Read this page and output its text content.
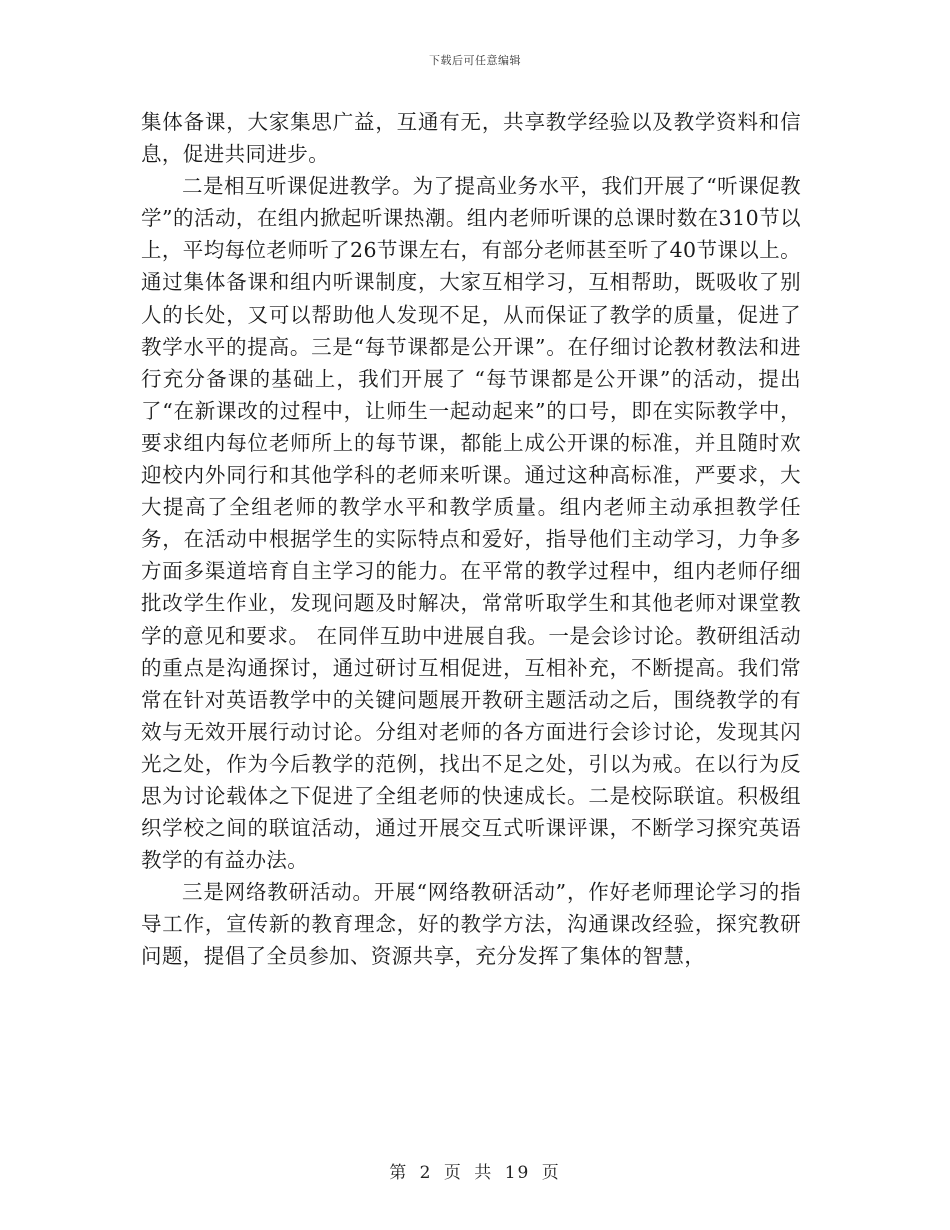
下载后可任意编辑

集体备课，大家集思广益，互通有无，共享教学经验以及教学资料和信息，促进共同进步。

二是相互听课促进教学。为了提高业务水平，我们开展了“听课促教学”的活动，在组内掀起听课热潮。组内老师听课的总课时数在310节以上，平均每位老师听了26节课左右，有部分老师甚至听了40节课以上。通过集体备课和组内听课制度，大家互相学习，互相帮助，既吸收了别人的长处，又可以帮助他人发现不足，从而保证了教学的质量，促进了教学水平的提高。三是“每节课都是公开课”。在仔细讨论教材教法和进行充分备课的基础上，我们开展了 “每节课都是公开课”的活动，提出了“在新课改的过程中，让师生一起动起来”的口号，即在实际教学中，要求组内每位老师所上的每节课，都能上成公开课的标准，并且随时欢迎校内外同行和其他学科的老师来听课。通过这种高标准，严要求，大大提高了全组老师的教学水平和教学质量。组内老师主动承担教学任务，在活动中根据学生的实际特点和爱好，指导他们主动学习，力争多方面多渠道培育自主学习的能力。在平常的教学过程中，组内老师仔细批改学生作业，发现问题及时解决，常常听取学生和其他老师对课堂教学的意见和要求。 在同伴互助中进展自我。一是会诊讨论。教研组活动的重点是沟通探讨，通过研讨互相促进，互相补充，不断提高。我们常常在针对英语教学中的关键问题展开教研主题活动之后，围绕教学的有效与无效开展行动讨论。分组对老师的各方面进行会诊讨论，发现其闪光之处，作为今后教学的范例，找出不足之处，引以为戒。在以行为反思为讨论载体之下促进了全组老师的快速成长。二是校际联谊。积极组织学校之间的联谊活动，通过开展交互式听课评课，不断学习探究英语教学的有益办法。

三是网络教研活动。开展“网络教研活动”，作好老师理论学习的指导工作，宣传新的教育理念，好的教学方法，沟通课改经验，探究教研问题，提倡了全员参加、资源共享，充分发挥了集体的智慧，

第 2 页 共 19 页
